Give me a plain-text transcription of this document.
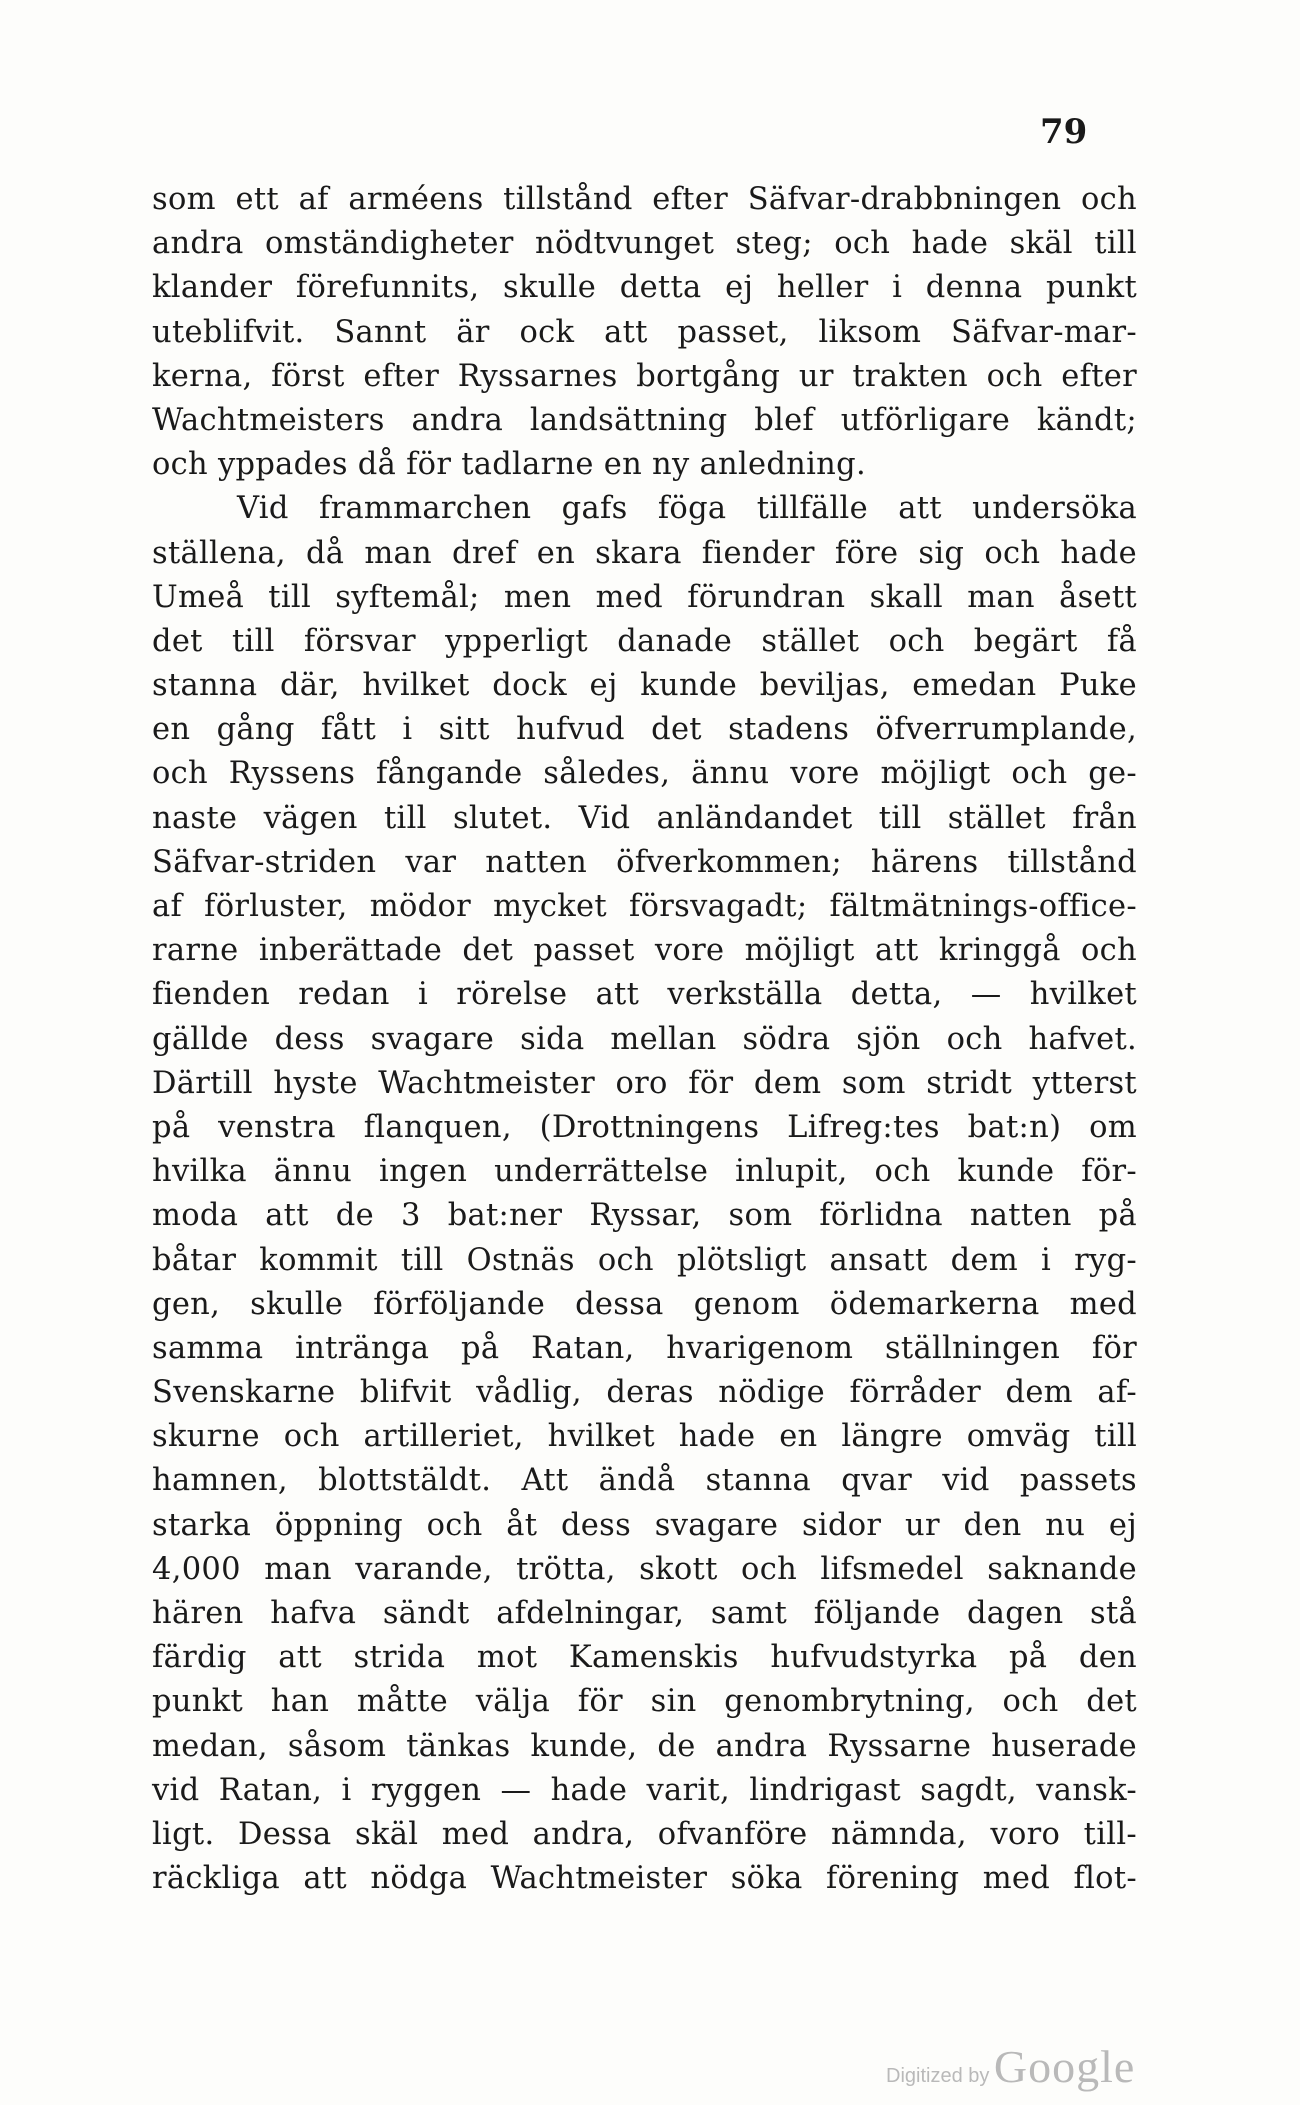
79
som ett af arméens tillstånd efter Säfvar-drabbningen och
andra omständigheter nödtvunget steg; och hade skäl till
klander förefunnits, skulle detta ej heller i denna punkt
uteblifvit. Sannt är ock att passet, liksom Säfvar-mar-
kerna, först efter Ryssarnes bortgång ur trakten och efter
Wachtmeisters andra landsättning blef utförligare kändt;
och yppades då för tadlarne en ny anledning.
Vid frammarchen gafs föga tillfälle att undersöka
ställena, då man dref en skara fiender före sig och hade
Umeå till syftemål; men med förundran skall man åsett
det till försvar ypperligt danade stället och begärt få
stanna där, hvilket dock ej kunde beviljas, emedan Puke
en gång fått i sitt hufvud det stadens öfverrumplande,
och Ryssens fångande således, ännu vore möjligt och ge-
naste vägen till slutet. Vid anländandet till stället från
Säfvar-striden var natten öfverkommen; härens tillstånd
af förluster, mödor mycket försvagadt; fältmätnings-officе-
rarne inberättade det passet vore möjligt att kringgå och
fienden redan i rörelse att verkställa detta, — hvilket
gällde dess svagare sida mellan södra sjön och hafvet.
Därtill hyste Wachtmeister oro för dem som stridt ytterst
på venstra flanquen, (Drottningens Lifreg:tes bat:n) om
hvilka ännu ingen underrättelse inlupit, och kunde för-
moda att de 3 bat:ner Ryssar, som förlidna natten på
båtar kommit till Ostnäs och plötsligt ansatt dem i ryg-
gen, skulle förföljande dessa genom ödemarkerna med
samma inträngа på Ratan, hvarigenom ställningen för
Svenskarne blifvit vådlig, deras nödige förråder dem af-
skurne och artilleriet, hvilket hade en längre omväg till
hamnen, blottstäldt. Att ändå stanna qvar vid passets
starka öppning och åt dess svagare sidor ur den nu ej
4,000 man varande, trötta, skott och lifsmedel saknande
hären hafva sändt afdelningar, samt följande dagen stå
färdig att strida mot Kamenskis hufvudstyrka på den
punkt han måtte välja för sin genombrytning, och det
medan, såsom tänkas kunde, de andra Ryssarne huserade
vid Ratan, i ryggen — hade varit, lindrigast sagdt, vansk-
ligt. Dessa skäl med andra, ofvanföre nämnda, voro till-
räckliga att nödga Wachtmeister söka förening med flot-
Digitized by Google
